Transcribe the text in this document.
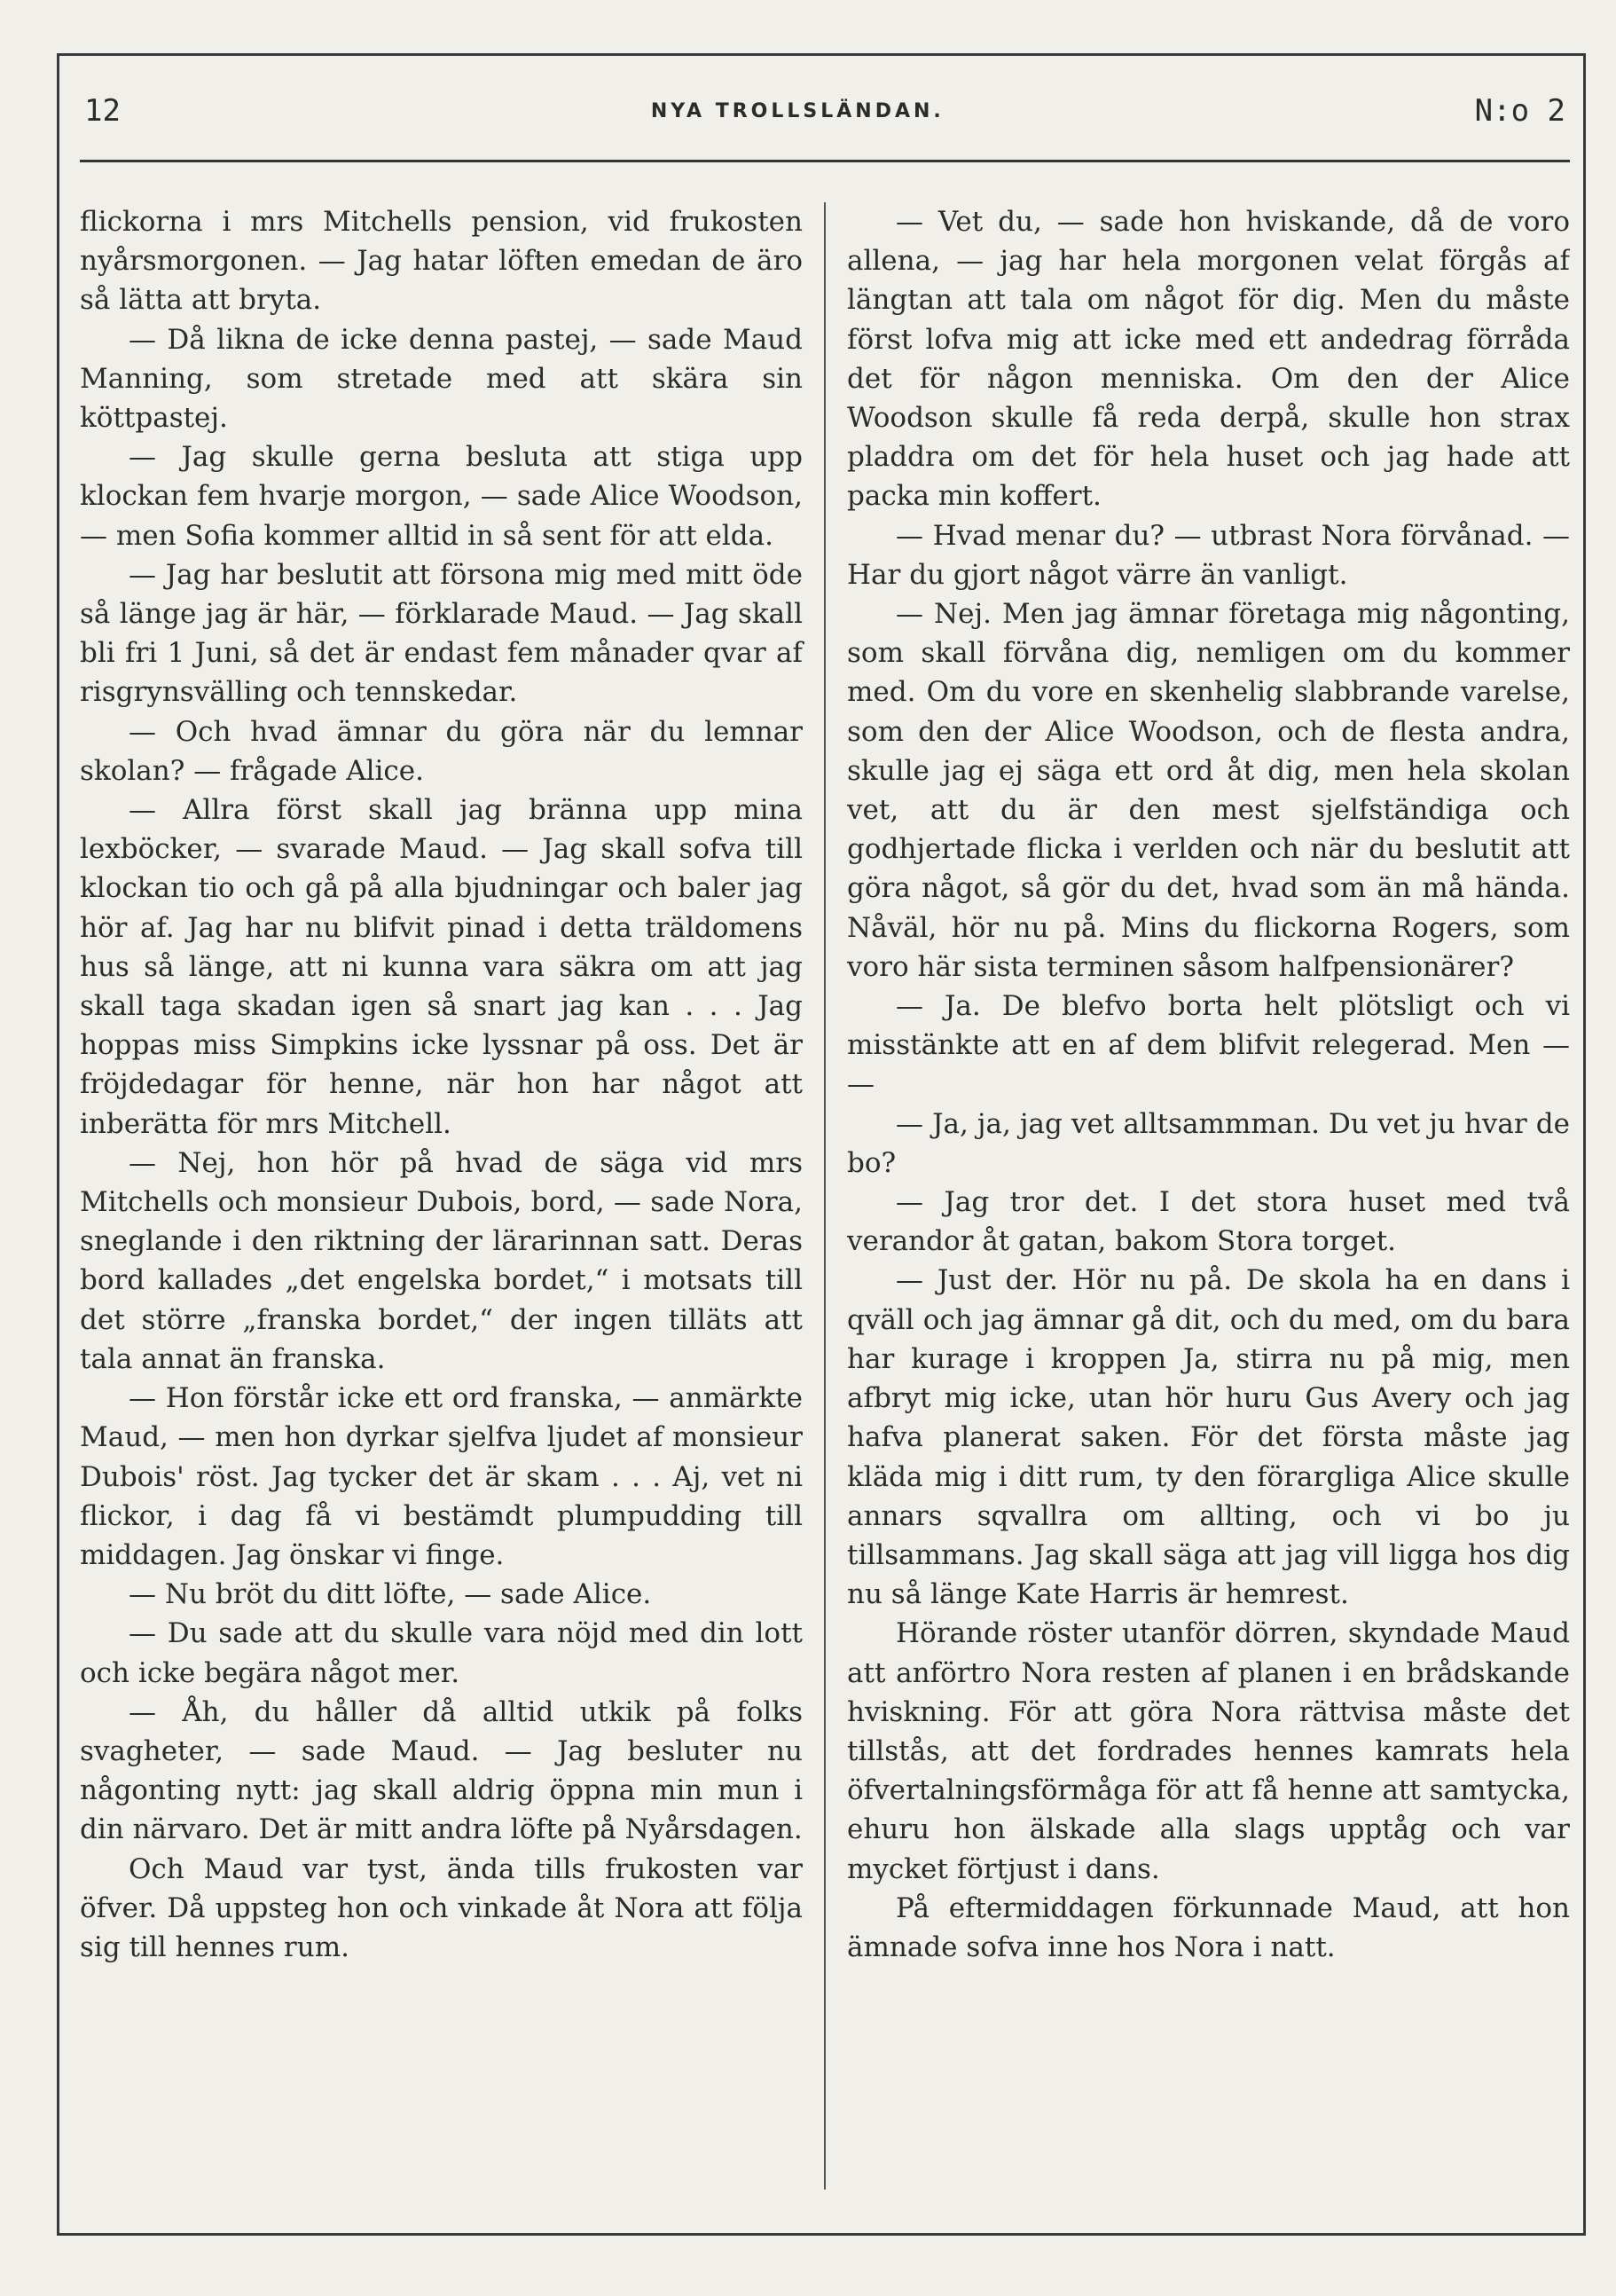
12	NYA TROLLSLÄNDAN.	N:o 2

flickorna i mrs Mitchells pension, vid frukosten nyårsmorgonen. — Jag hatar löften emedan de äro så lätta att bryta.

— Då likna de icke denna pastej, — sade Maud Manning, som stretade med att skära sin köttpastej.

— Jag skulle gerna besluta att stiga upp klockan fem hvarje morgon, — sade Alice Woodson, — men Sofia kommer alltid in så sent för att elda.

— Jag har beslutit att försona mig med mitt öde så länge jag är här, — förklarade Maud. — Jag skall bli fri 1 Juni, så det är endast fem månader qvar af risgrynsvälling och tennskedar.

— Och hvad ämnar du göra när du lemnar skolan? — frågade Alice.

— Allra först skall jag bränna upp mina lexböcker, — svarade Maud. — Jag skall sofva till klockan tio och gå på alla bjudningar och baler jag hör af. Jag har nu blifvit pinad i detta träldomens hus så länge, att ni kunna vara säkra om att jag skall taga skadan igen så snart jag kan . . . Jag hoppas miss Simpkins icke lyssnar på oss. Det är fröjdedagar för henne, när hon har något att inberätta för mrs Mitchell.

— Nej, hon hör på hvad de säga vid mrs Mitchells och monsieur Dubois, bord, — sade Nora, sneglande i den riktning der lärarinnan satt. Deras bord kallades „det engelska bordet,“ i motsats till det större „franska bordet,“ der ingen tilläts att tala annat än franska.

— Hon förstår icke ett ord franska, — anmärkte Maud, — men hon dyrkar sjelfva ljudet af monsieur Dubois' röst. Jag tycker det är skam . . . Aj, vet ni flickor, i dag få vi bestämdt plumpudding till middagen. Jag önskar vi finge.

— Nu bröt du ditt löfte, — sade Alice.

— Du sade att du skulle vara nöjd med din lott och icke begära något mer.

— Åh, du håller då alltid utkik på folks svagheter, — sade Maud. — Jag besluter nu någonting nytt: jag skall aldrig öppna min mun i din närvaro. Det är mitt andra löfte på Nyårsdagen.

Och Maud var tyst, ända tills frukosten var öfver. Då uppsteg hon och vinkade åt Nora att följa sig till hennes rum.

— Vet du, — sade hon hviskande, då de voro allena, — jag har hela morgonen velat förgås af längtan att tala om något för dig. Men du måste först lofva mig att icke med ett andedrag förråda det för någon menniska. Om den der Alice Woodson skulle få reda derpå, skulle hon strax pladdra om det för hela huset och jag hade att packa min koffert.

— Hvad menar du? — utbrast Nora förvånad. — Har du gjort något värre än vanligt.

— Nej. Men jag ämnar företaga mig någonting, som skall förvåna dig, nemligen om du kommer med. Om du vore en skenhelig slabbrande varelse, som den der Alice Woodson, och de flesta andra, skulle jag ej säga ett ord åt dig, men hela skolan vet, att du är den mest sjelfständiga och godhjertade flicka i verlden och när du beslutit att göra något, så gör du det, hvad som än må hända. Nåväl, hör nu på. Mins du flickorna Rogers, som voro här sista terminen såsom halfpensionärer?

— Ja. De blefvo borta helt plötsligt och vi misstänkte att en af dem blifvit relegerad. Men — —

— Ja, ja, jag vet alltsammman. Du vet ju hvar de bo?

— Jag tror det. I det stora huset med två verandor åt gatan, bakom Stora torget.

— Just der. Hör nu på. De skola ha en dans i qväll och jag ämnar gå dit, och du med, om du bara har kurage i kroppen Ja, stirra nu på mig, men afbryt mig icke, utan hör huru Gus Avery och jag hafva planerat saken. För det första måste jag kläda mig i ditt rum, ty den förargliga Alice skulle annars sqvallra om allting, och vi bo ju tillsammans. Jag skall säga att jag vill ligga hos dig nu så länge Kate Harris är hemrest.

Hörande röster utanför dörren, skyndade Maud att anförtro Nora resten af planen i en brådskande hviskning. För att göra Nora rättvisa måste det tillstås, att det fordrades hennes kamrats hela öfvertalningsförmåga för att få henne att samtycka, ehuru hon älskade alla slags upptåg och var mycket förtjust i dans.

På eftermiddagen förkunnade Maud, att hon ämnade sofva inne hos Nora i natt.
